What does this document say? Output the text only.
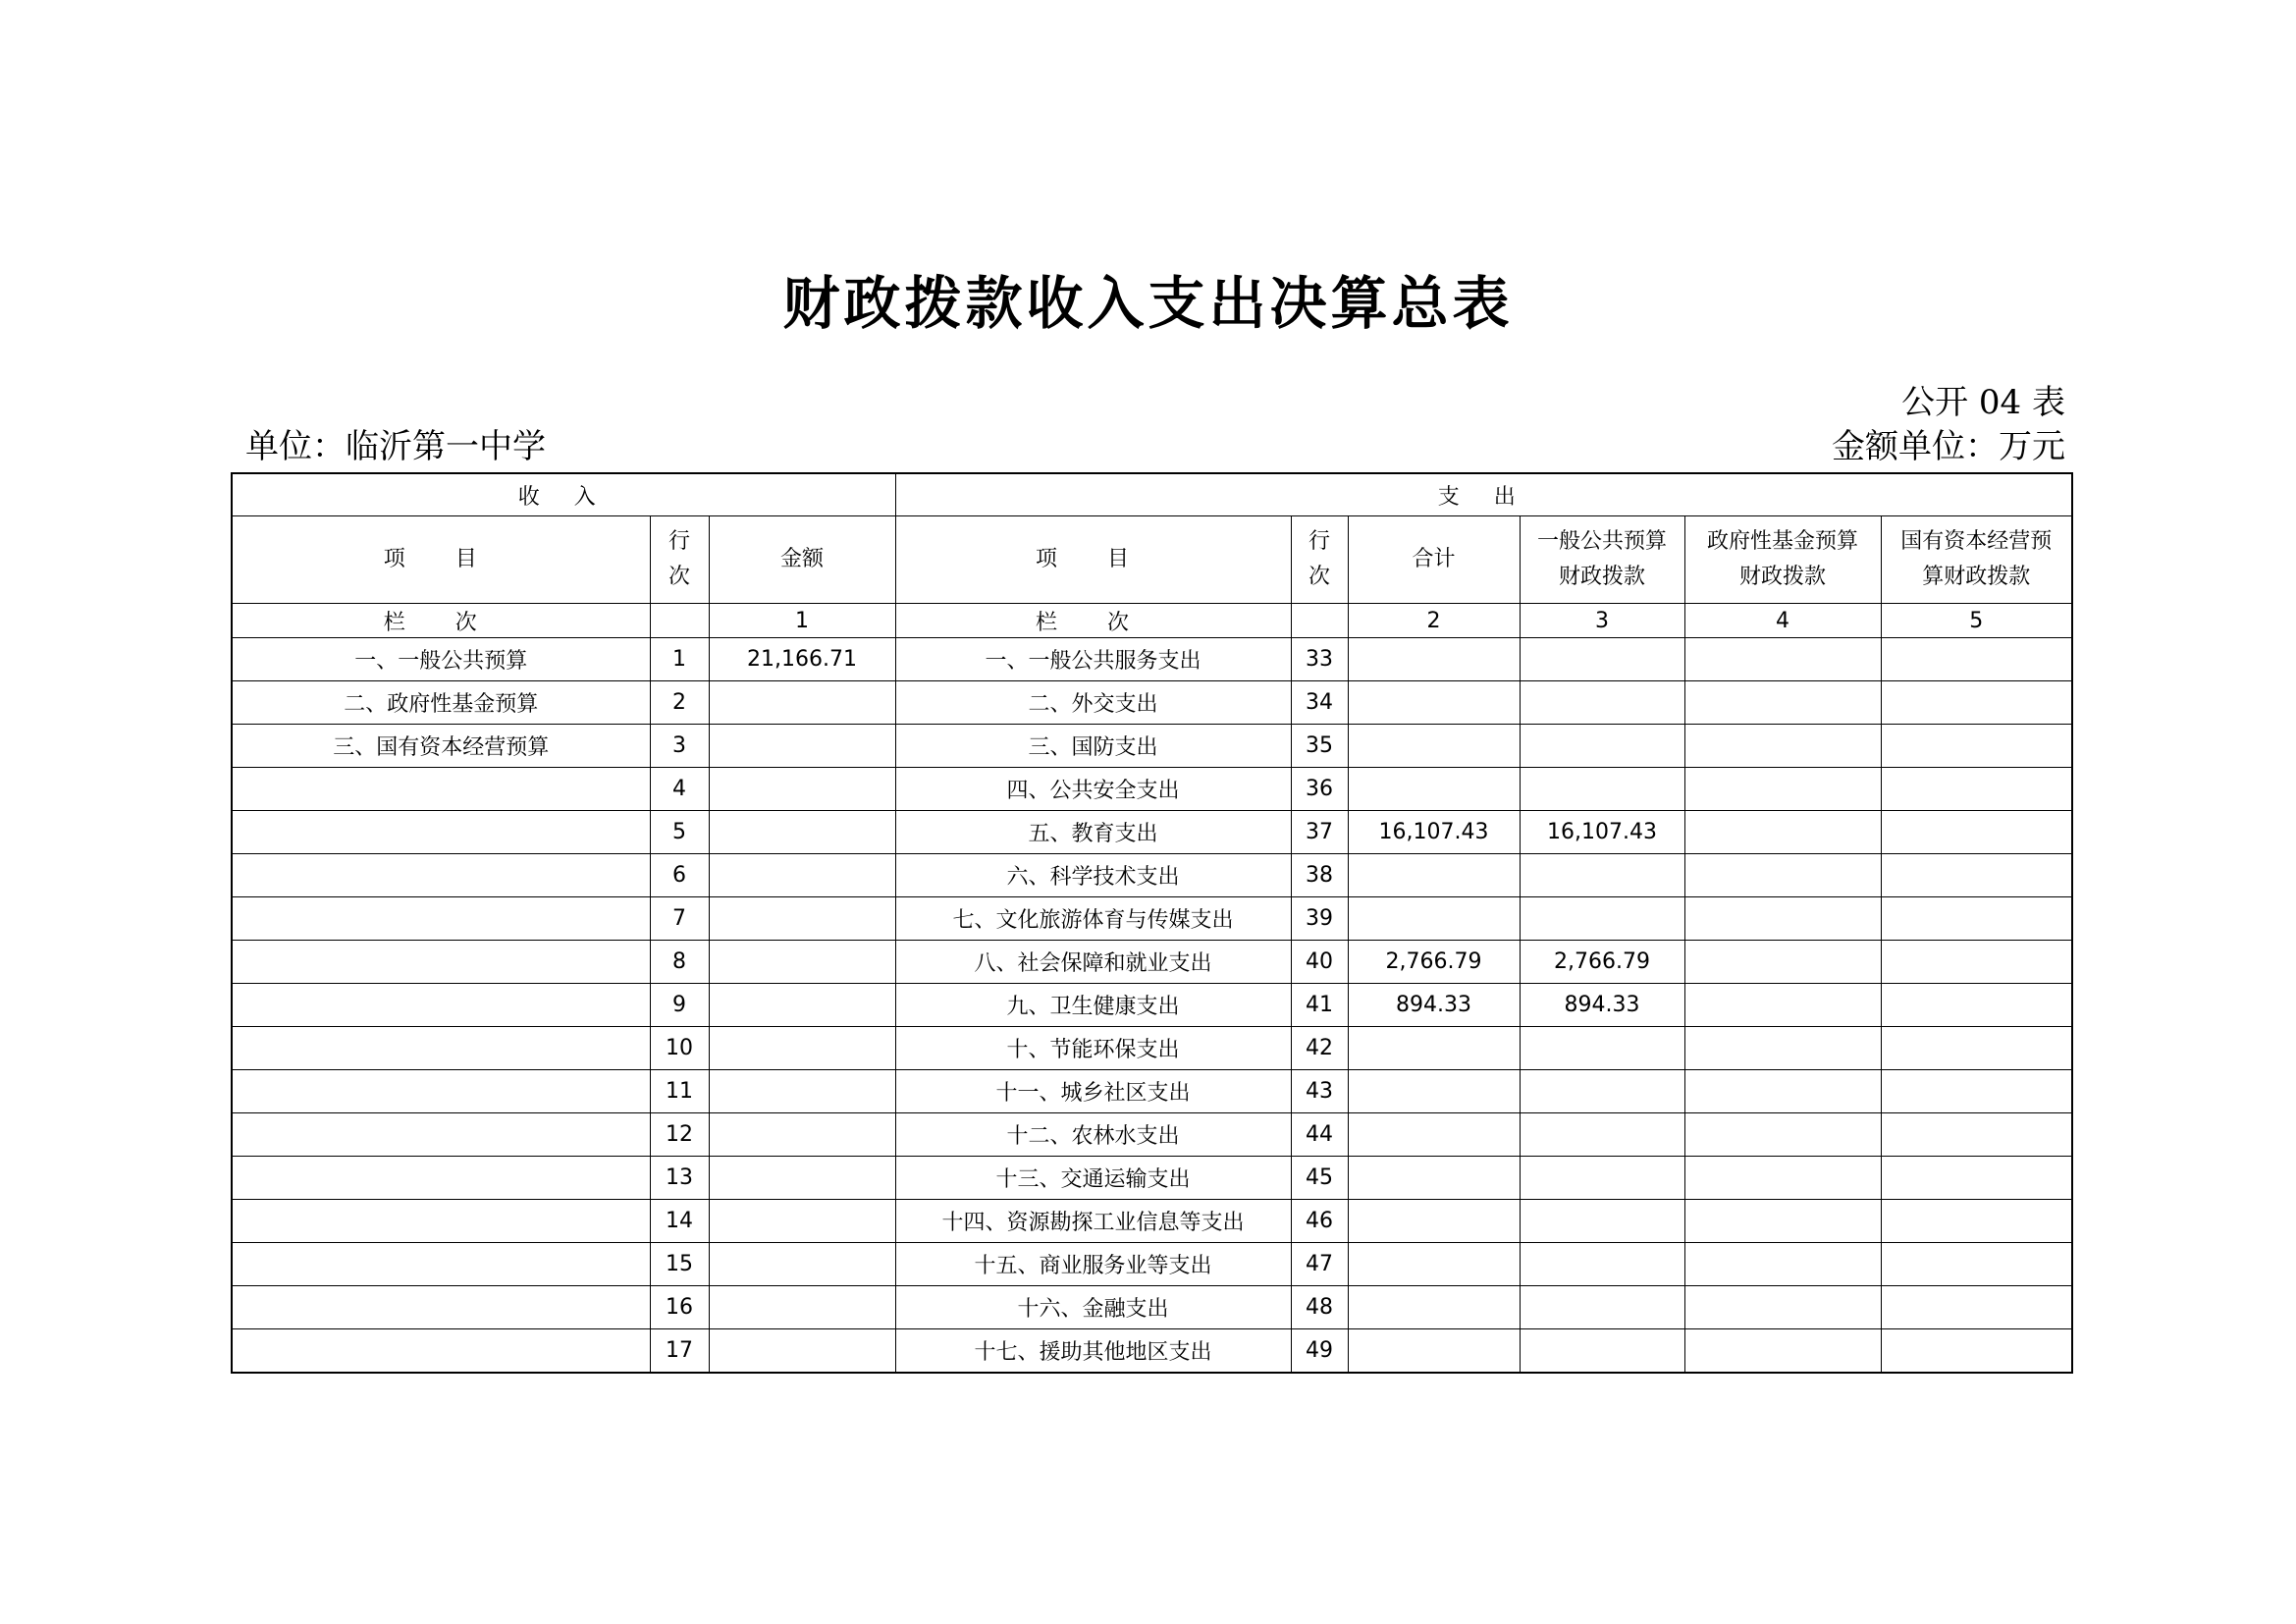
财政拨款收入支出决算总表
公开 04 表
单位：临沂第一中学	金额单位：万元
收 入			支 出					
项 目	行次	金额	项 目	行次	合计	一般公共预算财政拨款	政府性基金预算财政拨款	国有资本经营预算财政拨款
栏 次		1	栏 次		2	3	4	5
一、一般公共预算	1	21,166.71	一、一般公共服务支出	33				
二、政府性基金预算	2		二、外交支出	34				
三、国有资本经营预算	3		三、国防支出	35				
	4		四、公共安全支出	36				
	5		五、教育支出	37	16,107.43	16,107.43		
	6		六、科学技术支出	38				
	7		七、文化旅游体育与传媒支出	39				
	8		八、社会保障和就业支出	40	2,766.79	2,766.79		
	9		九、卫生健康支出	41	894.33	894.33		
	10		十、节能环保支出	42				
	11		十一、城乡社区支出	43				
	12		十二、农林水支出	44				
	13		十三、交通运输支出	45				
	14		十四、资源勘探工业信息等支出	46				
	15		十五、商业服务业等支出	47				
	16		十六、金融支出	48				
	17		十七、援助其他地区支出	49				
